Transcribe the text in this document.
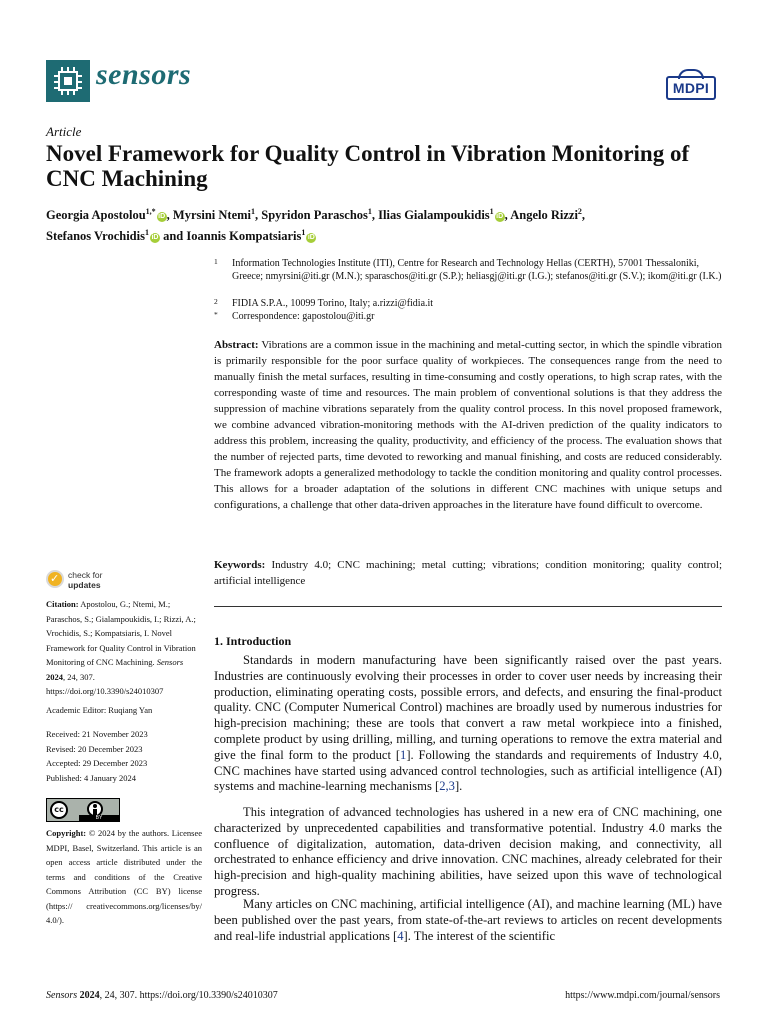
sensors	MDPI
Article
Novel Framework for Quality Control in Vibration Monitoring of CNC Machining
Georgia Apostolou$^{1,*}$iD , Myrsini Ntemi$^1$, Spyridon Paraschos$^1$, Ilias Gialampoukidis$^1$iD , Angelo Rizzi$^2$,
Stefanos Vrochidis$^1$iD and Ioannis Kompatsiaris$^1$iD
1 Information Technologies Institute (ITI), Centre for Research and Technology Hellas (CERTH), 57001 Thessaloniki, Greece; nmyrsini@iti.gr (M.N.); sparaschos@iti.gr (S.P.); heliasgj@iti.gr (I.G.); stefanos@iti.gr (S.V.); ikom@iti.gr (I.K.)
2 FIDIA S.P.A., 10099 Torino, Italy; a.rizzi@fidia.it
* Correspondence: gapostolou@iti.gr
Abstract: Vibrations are a common issue in the machining and metal-cutting sector, in which the spindle vibration is primarily responsible for the poor surface quality of workpieces. The consequences range from the need to manually finish the metal surfaces, resulting in time-consuming and costly operations, to high scrap rates, with the corresponding waste of time and resources. The main problem of conventional solutions is that they address the suppression of machine vibrations separately from the quality control process. In this novel proposed framework, we combine advanced vibration-monitoring methods with the AI-driven prediction of the quality indicators to address this problem, increasing the quality, productivity, and efficiency of the process. The evaluation shows that the number of rejected parts, time devoted to reworking and manual finishing, and costs are reduced considerably. The framework adopts a generalized methodology to tackle the condition monitoring and quality control processes. This allows for a broader adaptation of the solutions in different CNC machines with unique setups and configurations, a challenge that other data-driven approaches in the literature have found difficult to overcome.
Keywords: Industry 4.0; CNC machining; metal cutting; vibrations; condition monitoring; quality control; artificial intelligence
✓ check for
updates
Citation: Apostolou, G.; Ntemi, M.; Paraschos, S.; Gialampoukidis, I.; Rizzi, A.; Vrochidis, S.; Kompatsiaris, I. Novel Framework for Quality Control in Vibration Monitoring of CNC Machining. Sensors 2024, 24, 307. https://doi.org/10.3390/s24010307
Academic Editor: Ruqiang Yan
Received: 21 November 2023
Revised: 20 December 2023
Accepted: 29 December 2023
Published: 4 January 2024
cc
BY
Copyright: © 2024 by the authors. Licensee MDPI, Basel, Switzerland. This article is an open access article distributed under the terms and conditions of the Creative Commons Attribution (CC BY) license (https:// creativecommons.org/licenses/by/ 4.0/).
1. Introduction
Standards in modern manufacturing have been significantly raised over the past years. Industries are continuously evolving their processes in order to cover user needs by increasing their production, eliminating operating costs, possible errors, and defects, and ensuring the final-product quality. CNC (Computer Numerical Control) machines are broadly used by numerous industries for high-precision machining; these are tools that convert a raw metal workpiece into a finished, complete product by using drilling, milling, and turning operations to remove the extra material and give the final form to the product [1]. Following the standards and requirements of Industry 4.0, CNC machines have started using advanced control technologies, such as artificial intelligence (AI) systems and machine-learning mechanisms [2,3].
This integration of advanced technologies has ushered in a new era of CNC machining, one characterized by unprecedented capabilities and transformative potential. Industry 4.0 marks the confluence of digitalization, automation, data-driven decision making, and connectivity, all orchestrated to enhance efficiency and drive innovation. CNC machines, already celebrated for their high-precision and high-quality machining abilities, have seized upon this wave of technological progress.
Many articles on CNC machining, artificial intelligence (AI), and machine learning (ML) have been published over the past years, from state-of-the-art reviews to articles on recent developments and real-life industrial applications [4]. The interest of the scientific
Sensors 2024, 24, 307. https://doi.org/10.3390/s24010307	https://www.mdpi.com/journal/sensors
